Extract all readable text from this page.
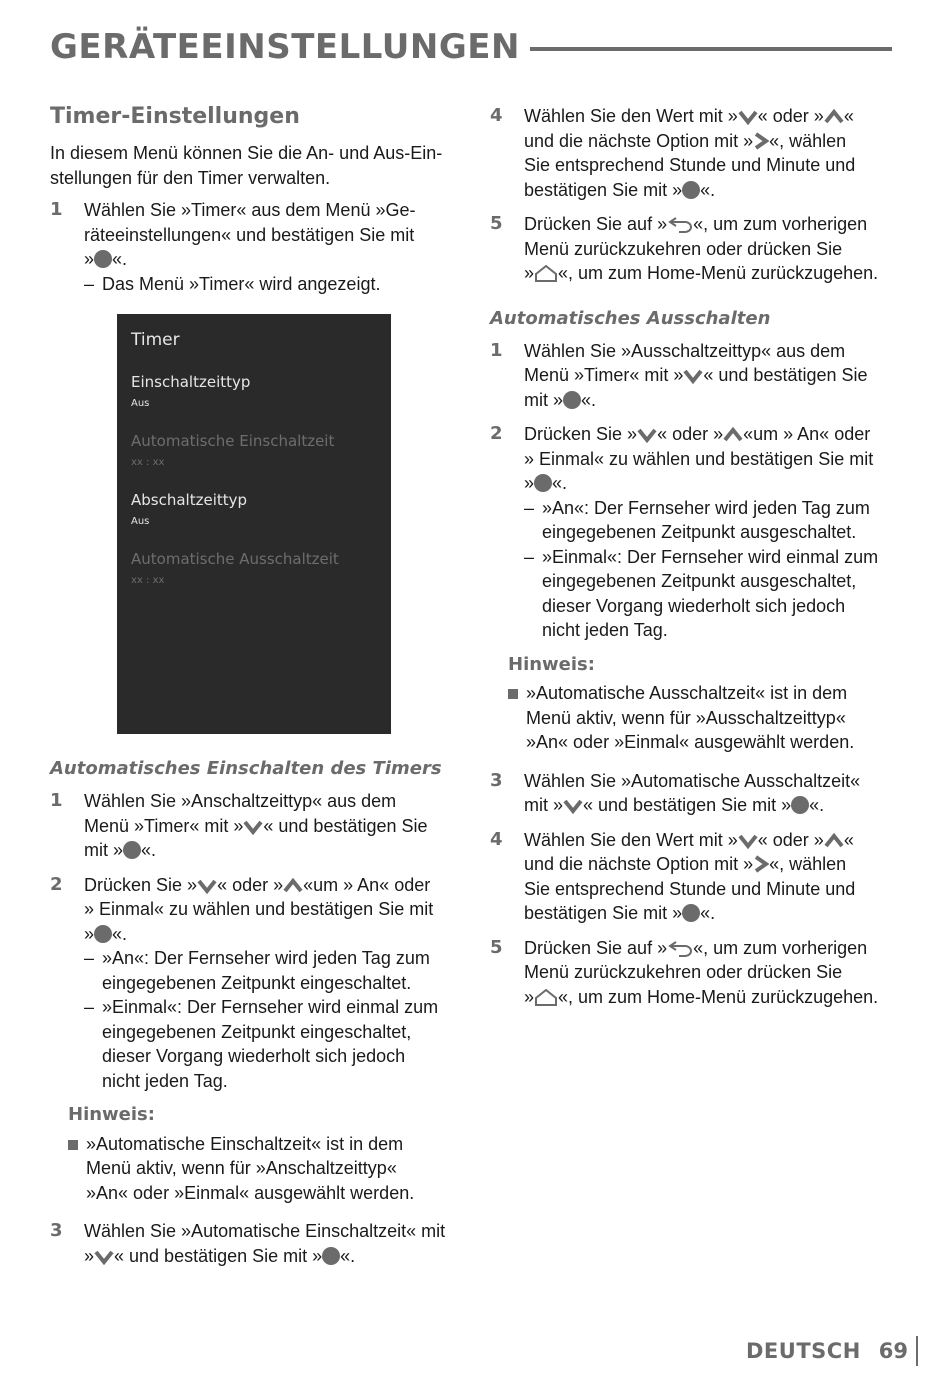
GERÄTEEINSTELLUNGEN
Timer-Einstellungen

In diesem Menü können Sie die An- und Aus-Ein-

stellungen für den Timer verwalten.

1	Wählen Sie »Timer« aus dem Menü »Ge-
räteeinstellungen« und bestätigen Sie mit
» «.
– Das Menü »Timer« wird angezeigt.
Timer
Einschaltzeittyp
Aus
Automatische Einschaltzeit
xx : xx
Abschaltzeittyp
Aus
Automatische Ausschaltzeit
xx : xx
Automatisches Einschalten des Timers
1	Wählen Sie »Anschaltzeittyp« aus dem
Menü »Timer« mit » « und bestätigen Sie
mit » «.
2	Drücken Sie » « oder » «um » An« oder
» Einmal« zu wählen und bestätigen Sie mit
» «.
– »An«: Der Fernseher wird jeden Tag zum
eingegebenen Zeitpunkt eingeschaltet.
– »Einmal«: Der Fernseher wird einmal zum
eingegebenen Zeitpunkt eingeschaltet,
dieser Vorgang wiederholt sich jedoch
nicht jeden Tag.
Hinweis:
»Automatische Einschaltzeit« ist in dem
Menü aktiv, wenn für »Anschaltzeittyp«
»An« oder »Einmal« ausgewählt werden.
3	Wählen Sie »Automatische Einschaltzeit« mit
» « und bestätigen Sie mit » «.
4	Wählen Sie den Wert mit » « oder » «
und die nächste Option mit » «, wählen
Sie entsprechend Stunde und Minute und
bestätigen Sie mit » «.
5	Drücken Sie auf » «, um zum vorherigen
Menü zurückzukehren oder drücken Sie
» «, um zum Home-Menü zurückzugehen.
Automatisches Ausschalten
1	Wählen Sie »Ausschaltzeittyp« aus dem
Menü »Timer« mit » « und bestätigen Sie
mit » «.
2	Drücken Sie » « oder » «um » An« oder
» Einmal« zu wählen und bestätigen Sie mit
» «.
– »An«: Der Fernseher wird jeden Tag zum
eingegebenen Zeitpunkt ausgeschaltet.
– »Einmal«: Der Fernseher wird einmal zum
eingegebenen Zeitpunkt ausgeschaltet,
dieser Vorgang wiederholt sich jedoch
nicht jeden Tag.
Hinweis:
»Automatische Ausschaltzeit« ist in dem
Menü aktiv, wenn für »Ausschaltzeittyp«
»An« oder »Einmal« ausgewählt werden.
3	Wählen Sie »Automatische Ausschaltzeit«
mit » « und bestätigen Sie mit » «.
4	Wählen Sie den Wert mit » « oder » «
und die nächste Option mit » «, wählen
Sie entsprechend Stunde und Minute und
bestätigen Sie mit » «.
5	Drücken Sie auf » «, um zum vorherigen
Menü zurückzukehren oder drücken Sie
» «, um zum Home-Menü zurückzugehen.
DEUTSCH 69
